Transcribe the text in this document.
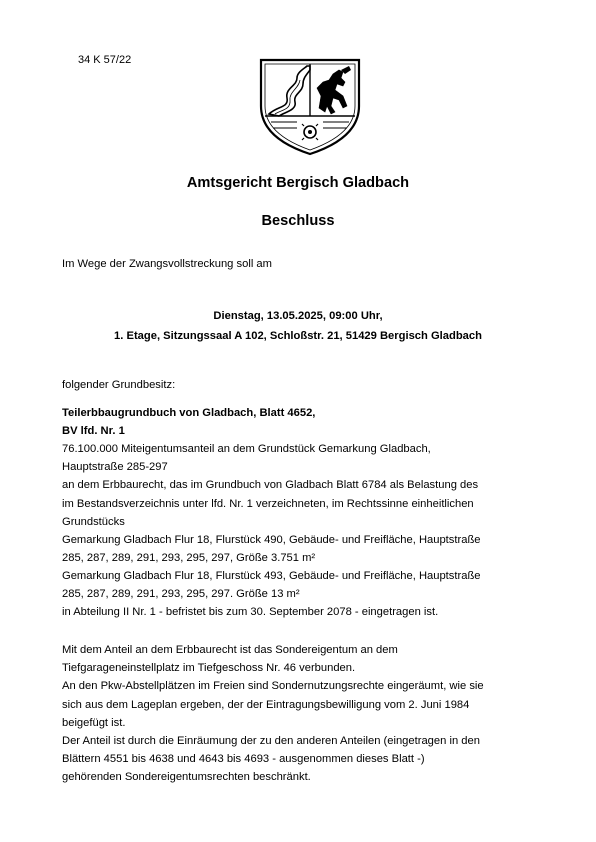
34 K 57/22
Amtsgericht Bergisch Gladbach
Beschluss
Im Wege der Zwangsvollstreckung soll am
Dienstag, 13.05.2025, 09:00 Uhr,
1. Etage, Sitzungssaal A 102, Schloßstr. 21, 51429 Bergisch Gladbach
folgender Grundbesitz:
Teilerbbaugrundbuch von Gladbach, Blatt 4652,
BV lfd. Nr. 1
76.100.000 Miteigentumsanteil an dem Grundstück Gemarkung Gladbach,
Hauptstraße 285-297
an dem Erbbaurecht, das im Grundbuch von Gladbach Blatt 6784 als Belastung des
im Bestandsverzeichnis unter lfd. Nr. 1 verzeichneten, im Rechtssinne einheitlichen
Grundstücks
Gemarkung Gladbach Flur 18, Flurstück 490, Gebäude- und Freifläche, Hauptstraße
285, 287, 289, 291, 293, 295, 297, Größe 3.751 m²
Gemarkung Gladbach Flur 18, Flurstück 493, Gebäude- und Freifläche, Hauptstraße
285, 287, 289, 291, 293, 295, 297. Größe 13 m²
in Abteilung II Nr. 1 - befristet bis zum 30. September 2078 - eingetragen ist.
Mit dem Anteil an dem Erbbaurecht ist das Sondereigentum an dem
Tiefgarageneinstellplatz im Tiefgeschoss Nr. 46 verbunden.
An den Pkw-Abstellplätzen im Freien sind Sondernutzungsrechte eingeräumt, wie sie
sich aus dem Lageplan ergeben, der der Eintragungsbewilligung vom 2. Juni 1984
beigefügt ist.
Der Anteil ist durch die Einräumung der zu den anderen Anteilen (eingetragen in den
Blättern 4551 bis 4638 und 4643 bis 4693 - ausgenommen dieses Blatt -)
gehörenden Sondereigentumsrechten beschränkt.
